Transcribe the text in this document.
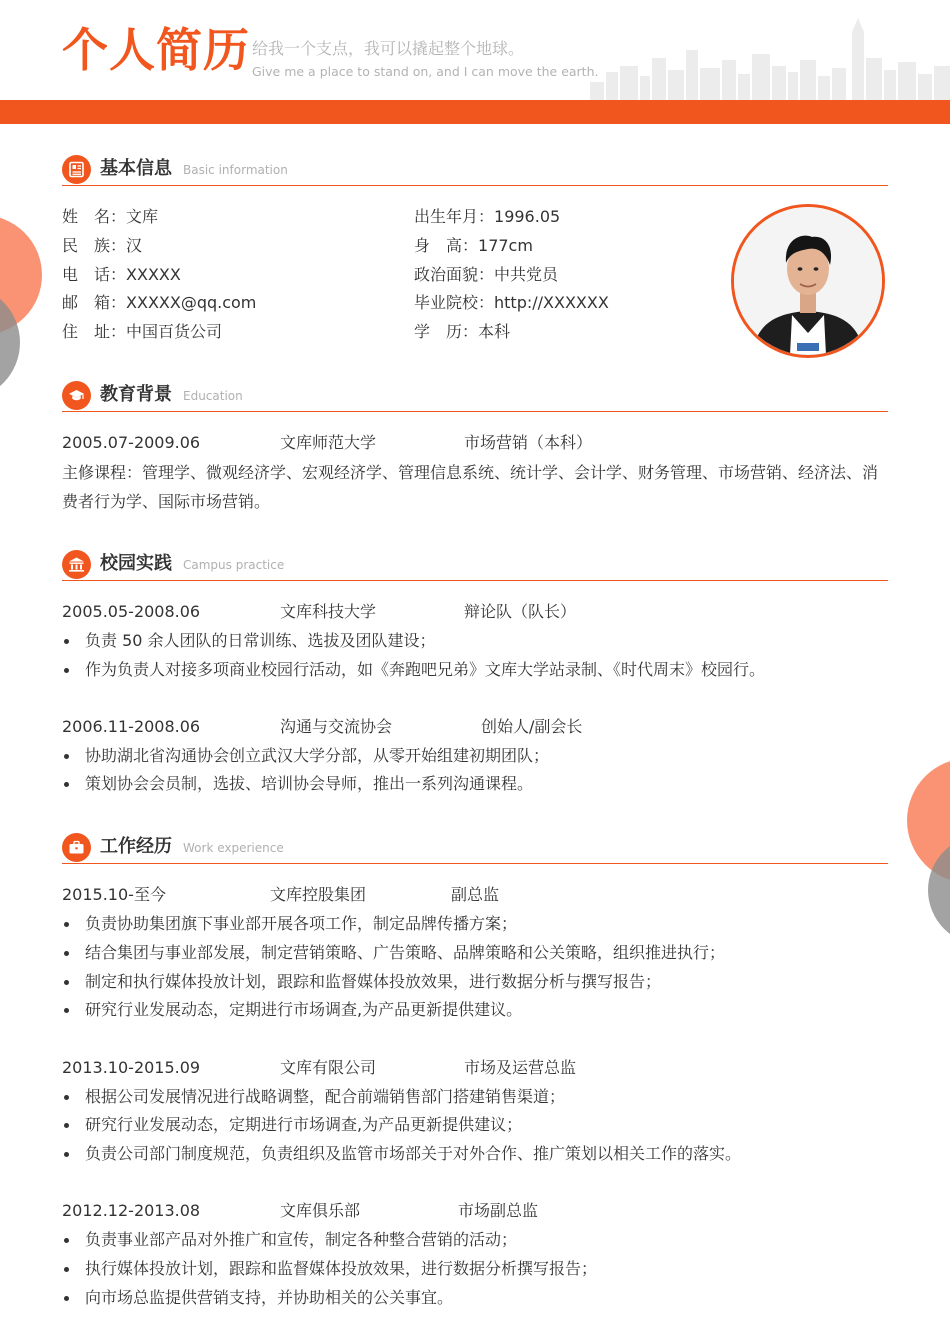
个人简历 给我一个支点，我可以撬起整个地球。
Give me a place to stand on, and I can move the earth.
基本信息 Basic information
姓　名：文库
民　族：汉
电　话：XXXXX
邮　箱：XXXXX@qq.com
住　址：中国百货公司
出生年月：1996.05
身　高：177cm
政治面貌：中共党员
毕业院校：http://XXXXXX
学　历：本科
教育背景 Education
2005.07-2009.06	文库师范大学	市场营销（本科）
主修课程：管理学、微观经济学、宏观经济学、管理信息系统、统计学、会计学、财务管理、市场营销、经济法、消费者行为学、国际市场营销。
校园实践 Campus practice
2005.05-2008.06	文库科技大学	辩论队（队长）
负责 50 余人团队的日常训练、选拔及团队建设；
作为负责人对接多项商业校园行活动，如《奔跑吧兄弟》文库大学站录制、《时代周末》校园行。
2006.11-2008.06	沟通与交流协会	创始人/副会长
协助湖北省沟通协会创立武汉大学分部，从零开始组建初期团队；
策划协会会员制，选拔、培训协会导师，推出一系列沟通课程。
工作经历 Work experience
2015.10-至今	文库控股集团	副总监
负责协助集团旗下事业部开展各项工作，制定品牌传播方案；
结合集团与事业部发展，制定营销策略、广告策略、品牌策略和公关策略，组织推进执行；
制定和执行媒体投放计划，跟踪和监督媒体投放效果，进行数据分析与撰写报告；
研究行业发展动态，定期进行市场调查,为产品更新提供建议。
2013.10-2015.09	文库有限公司	市场及运营总监
根据公司发展情况进行战略调整，配合前端销售部门搭建销售渠道；
研究行业发展动态，定期进行市场调查,为产品更新提供建议；
负责公司部门制度规范，负责组织及监管市场部关于对外合作、推广策划以相关工作的落实。
2012.12-2013.08	文库俱乐部	市场副总监
负责事业部产品对外推广和宣传，制定各种整合营销的活动；
执行媒体投放计划，跟踪和监督媒体投放效果，进行数据分析撰写报告；
向市场总监提供营销支持，并协助相关的公关事宜。
